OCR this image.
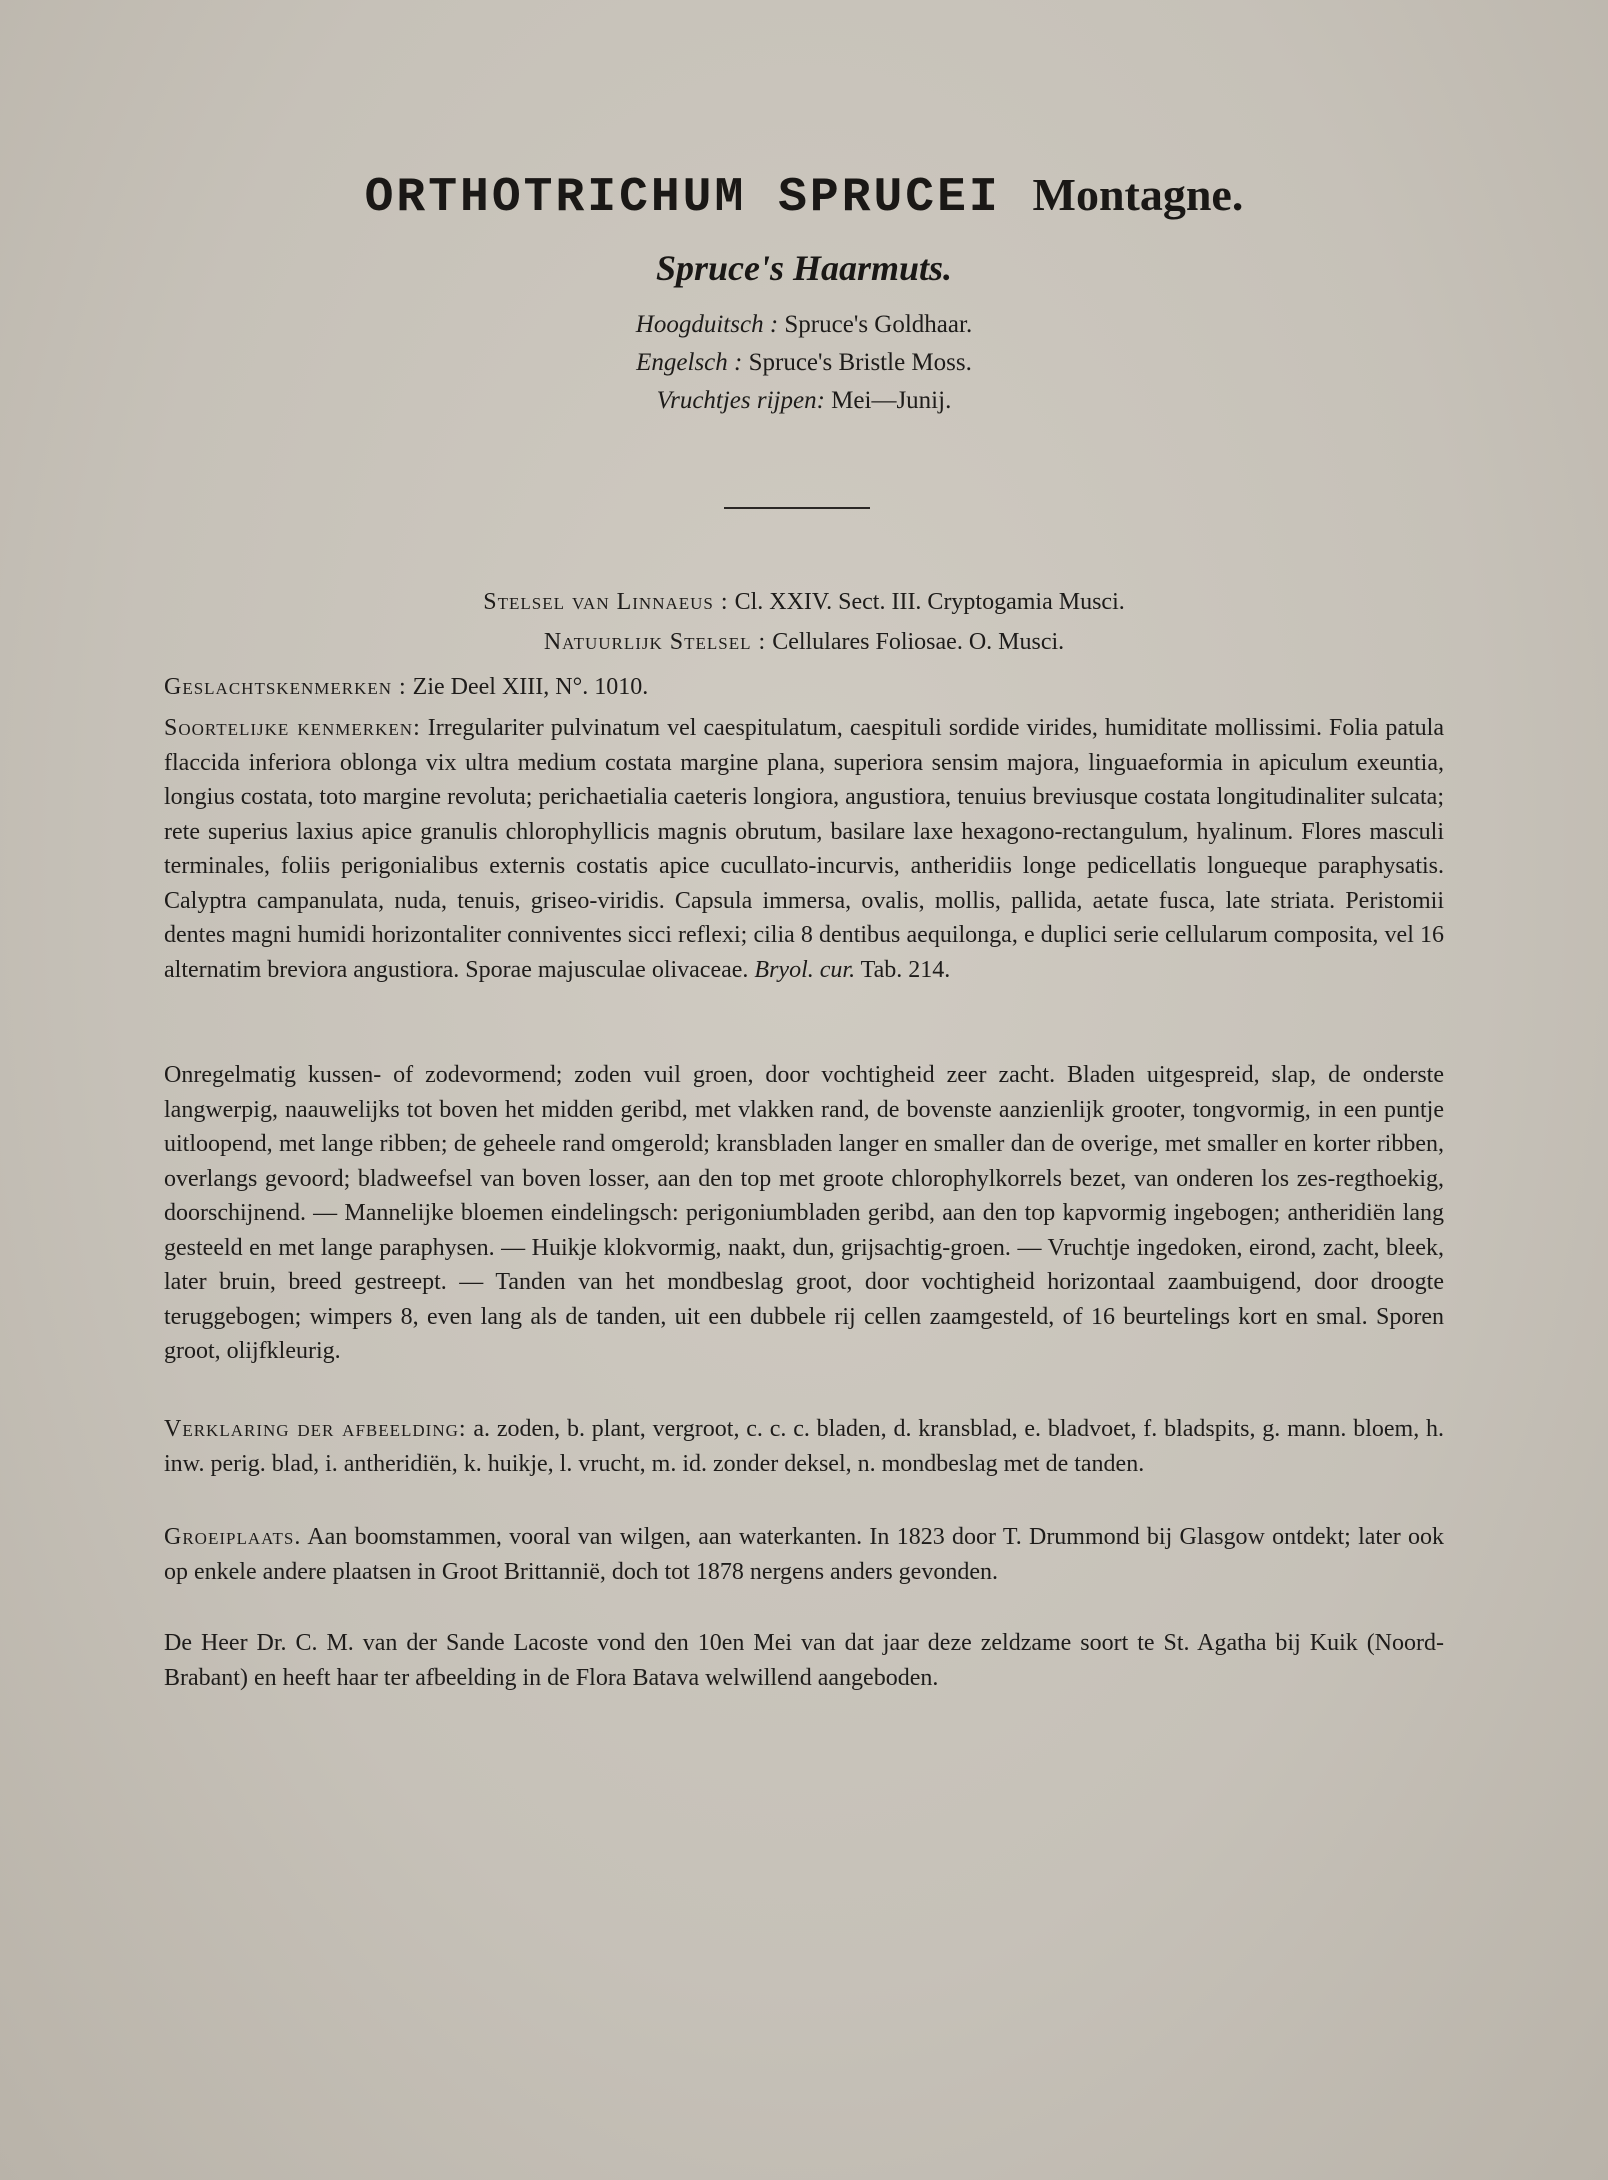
ORTHOTRICHUM SPRUCEI Montagne.
Spruce's Haarmuts.
Hoogduitsch : Spruce's Goldhaar.
Engelsch : Spruce's Bristle Moss.
Vruchtjes rijpen: Mei—Junij.
Stelsel van Linnaeus : Cl. XXIV. Sect. III. Cryptogamia Musci.
Natuurlijk Stelsel : Cellulares Foliosae. O. Musci.

Geslachtskenmerken : Zie Deel XIII, N°. 1010.

Soortelijke kenmerken: Irregulariter pulvinatum vel caespitulatum, caespituli sordide virides, humiditate mollissimi. Folia patula flaccida inferiora oblonga vix ultra medium costata margine plana, superiora sensim majora, linguaeformia in apiculum exeuntia, longius costata, toto margine revoluta; perichaetialia caeteris longiora, angustiora, tenuius breviusque costata longitudinaliter sulcata; rete superius laxius apice granulis chlorophyllicis magnis obrutum, basilare laxe hexagono-rectangulum, hyalinum. Flores masculi terminales, foliis perigonialibus externis costatis apice cucullato-incurvis, antheridiis longe pedicellatis longueque paraphysatis. Calyptra campanulata, nuda, tenuis, griseo-viridis. Capsula immersa, ovalis, mollis, pallida, aetate fusca, late striata. Peristomii dentes magni humidi horizontaliter conniventes sicci reflexi; cilia 8 dentibus aequilonga, e duplici serie cellularum composita, vel 16 alternatim breviora angustiora. Sporae majusculae olivaceae. Bryol. cur. Tab. 214.

Onregelmatig kussen- of zodevormend; zoden vuil groen, door vochtigheid zeer zacht. Bladen uitgespreid, slap, de onderste langwerpig, naauwelijks tot boven het midden geribd, met vlakken rand, de bovenste aanzienlijk grooter, tongvormig, in een puntje uitloopend, met lange ribben; de geheele rand omgerold; kransbladen langer en smaller dan de overige, met smaller en korter ribben, overlangs gevoord; bladweefsel van boven losser, aan den top met groote chlorophylkorrels bezet, van onderen los zes-regthoekig, doorschijnend. — Mannelijke bloemen eindelingsch: perigoniumbladen geribd, aan den top kapvormig ingebogen; antheridiën lang gesteeld en met lange paraphysen. — Huikje klokvormig, naakt, dun, grijsachtig-groen. — Vruchtje ingedoken, eirond, zacht, bleek, later bruin, breed gestreept. — Tanden van het mondbeslag groot, door vochtigheid horizontaal zaambuigend, door droogte teruggebogen; wimpers 8, even lang als de tanden, uit een dubbele rij cellen zaamgesteld, of 16 beurtelings kort en smal. Sporen groot, olijfkleurig.

Verklaring der afbeelding: a. zoden, b. plant, vergroot, c. c. c. bladen, d. kransblad, e. bladvoet, f. bladspits, g. mann. bloem, h. inw. perig. blad, i. antheridiën, k. huikje, l. vrucht, m. id. zonder deksel, n. mondbeslag met de tanden.

Groeiplaats. Aan boomstammen, vooral van wilgen, aan waterkanten. In 1823 door T. Drummond bij Glasgow ontdekt; later ook op enkele andere plaatsen in Groot Brittannië, doch tot 1878 nergens anders gevonden.

De Heer Dr. C. M. van der Sande Lacoste vond den 10en Mei van dat jaar deze zeldzame soort te St. Agatha bij Kuik (Noord-Brabant) en heeft haar ter afbeelding in de Flora Batava welwillend aangeboden.
